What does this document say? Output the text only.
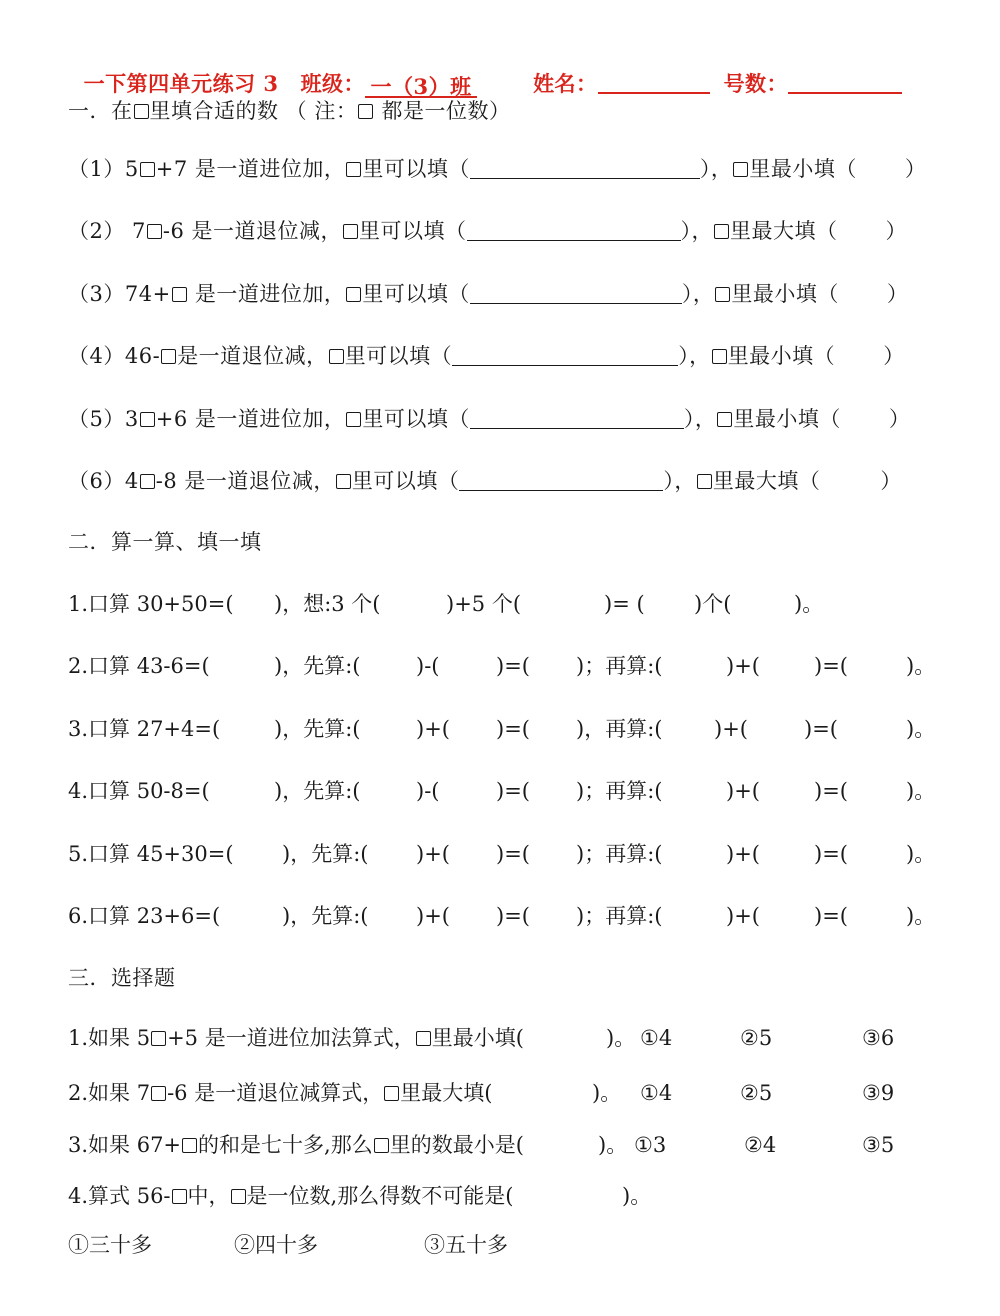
一下第四单元练习 3 班级： 一（3）班	姓名：	号数：

一．在 里填合适的数 （ 注： 都是一位数）
（1）5 +7 是一道进位加， 里可以填（	）， 里最小填（ ）
（2） 7 -6 是一道退位减， 里可以填（	）， 里最大填（ ）
（3）74+ 是一道进位加， 里可以填（	）， 里最小填（ ）
（4）46- 是一道退位减， 里可以填（	）， 里最小填（ ）
（5）3 +6 是一道进位加， 里可以填（	）， 里最小填（ ）
（6）4 -8 是一道退位减， 里可以填（	）， 里最大填（	）
二．算一算、填一填
1.口算 30+50=( )，想:3 个(	)+5 个(	)= ( )个(	)。
2.口算 43-6=(	)，先算:(	)-(	)=( )；再算:(	)+(	)=(	)。
3.口算 27+4=(	)，先算:(	)+( )=( )，再算:( )+(	)=(	)。
4.口算 50-8=(	)，先算:(	)-(	)=( )；再算:(	)+(	)=(	)。
5.口算 45+30=( )，先算:( )+( )=( )；再算:(	)+(	)=(	)。
6.口算 23+6=(	)，先算:( )+( )=( )；再算:(	)+(	)=(	)。
三．选择题
1.如果 5 +5 是一道进位加法算式， 里最小填(	)。 ①4	②5	③6
2.如果 7 -6 是一道退位减算式， 里最大填(	)。 ①4	②5	③9
3.如果 67+ 的和是七十多,那么 里的数最小是(	)。 ①3	②4	③5
4.算式 56- 中， 是一位数,那么得数不可能是(	)。
①三十多	②四十多	③五十多
